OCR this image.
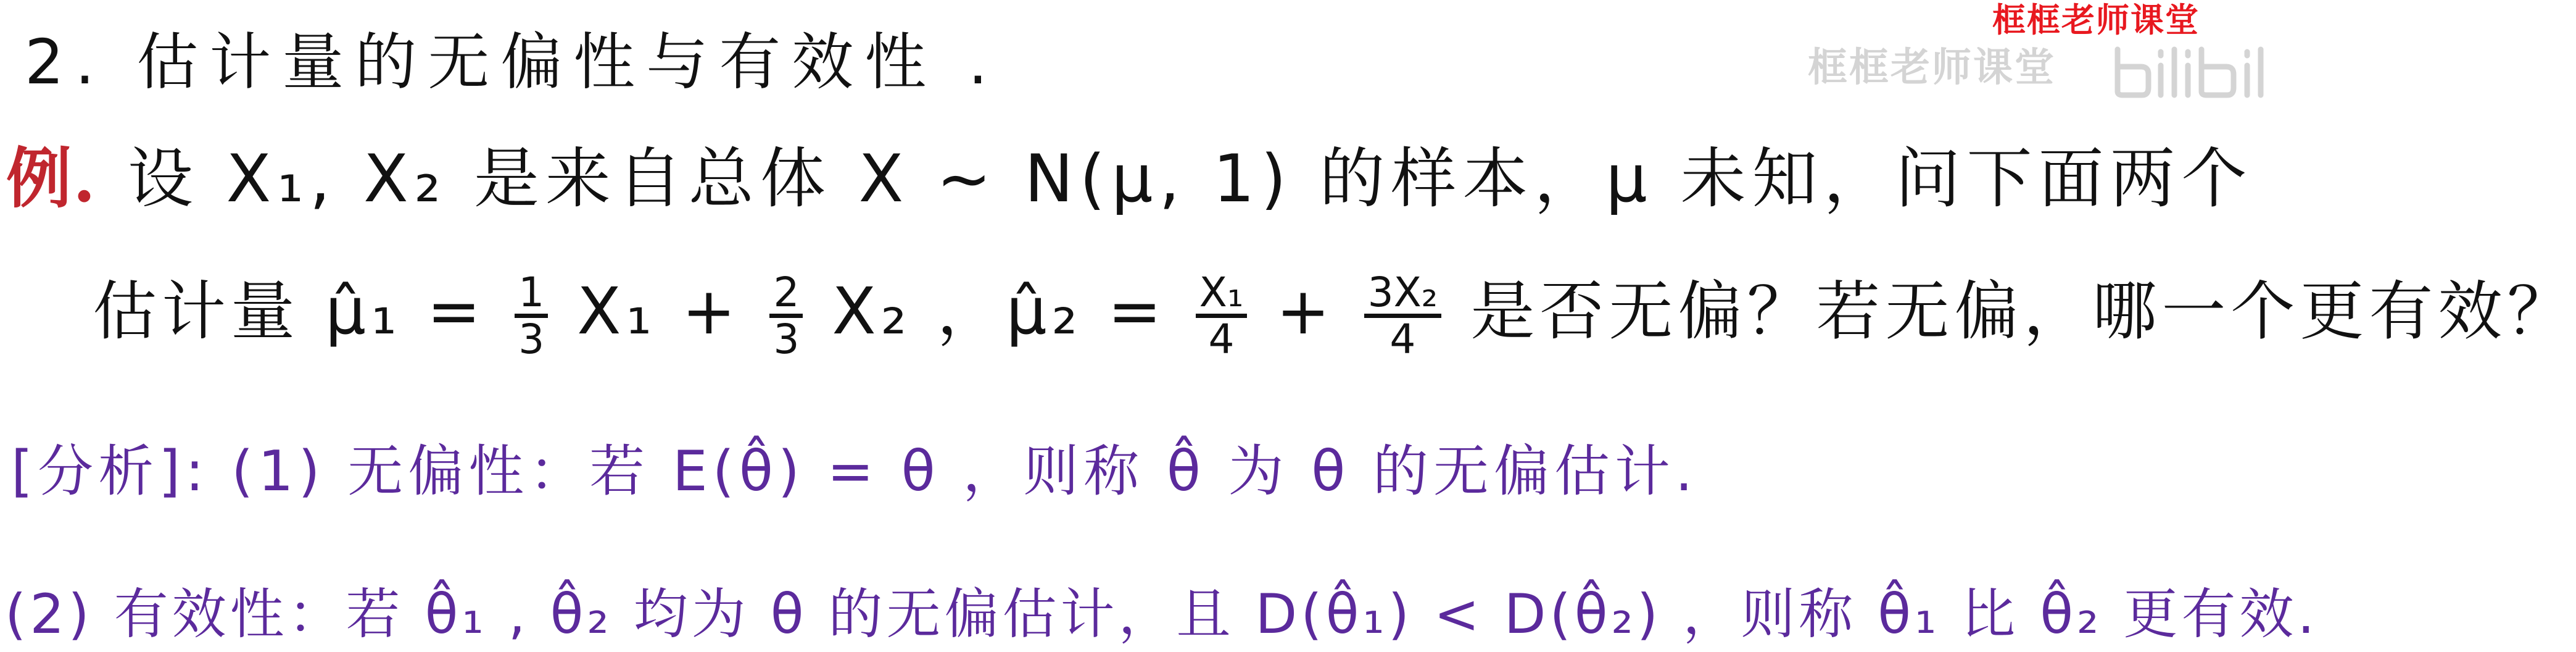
框框老师课堂
框框老师课堂
2. 估计量的无偏性与有效性 .
例. 设 X₁, X₂ 是来自总体 X ~ N(μ, 1) 的样本，μ 未知，问下面两个
估计量 μ̂₁ = $\frac{1}{3} X_1 + \frac{2}{3} X_2$ ，μ̂₂ = $\frac{\text{X₁}}{4} + \frac{\text{3X₂}}{4}$ 是否无偏？若无偏，哪一个更有效？
[分析]: (1) 无偏性：若 E(θ̂) = θ ，则称 θ̂ 为 θ 的无偏估计.
(2) 有效性：若 θ̂₁ , θ̂₂ 均为 θ 的无偏估计，且 D(θ̂₁) < D(θ̂₂) ，则称 θ̂₁ 比 θ̂₂ 更有效.
